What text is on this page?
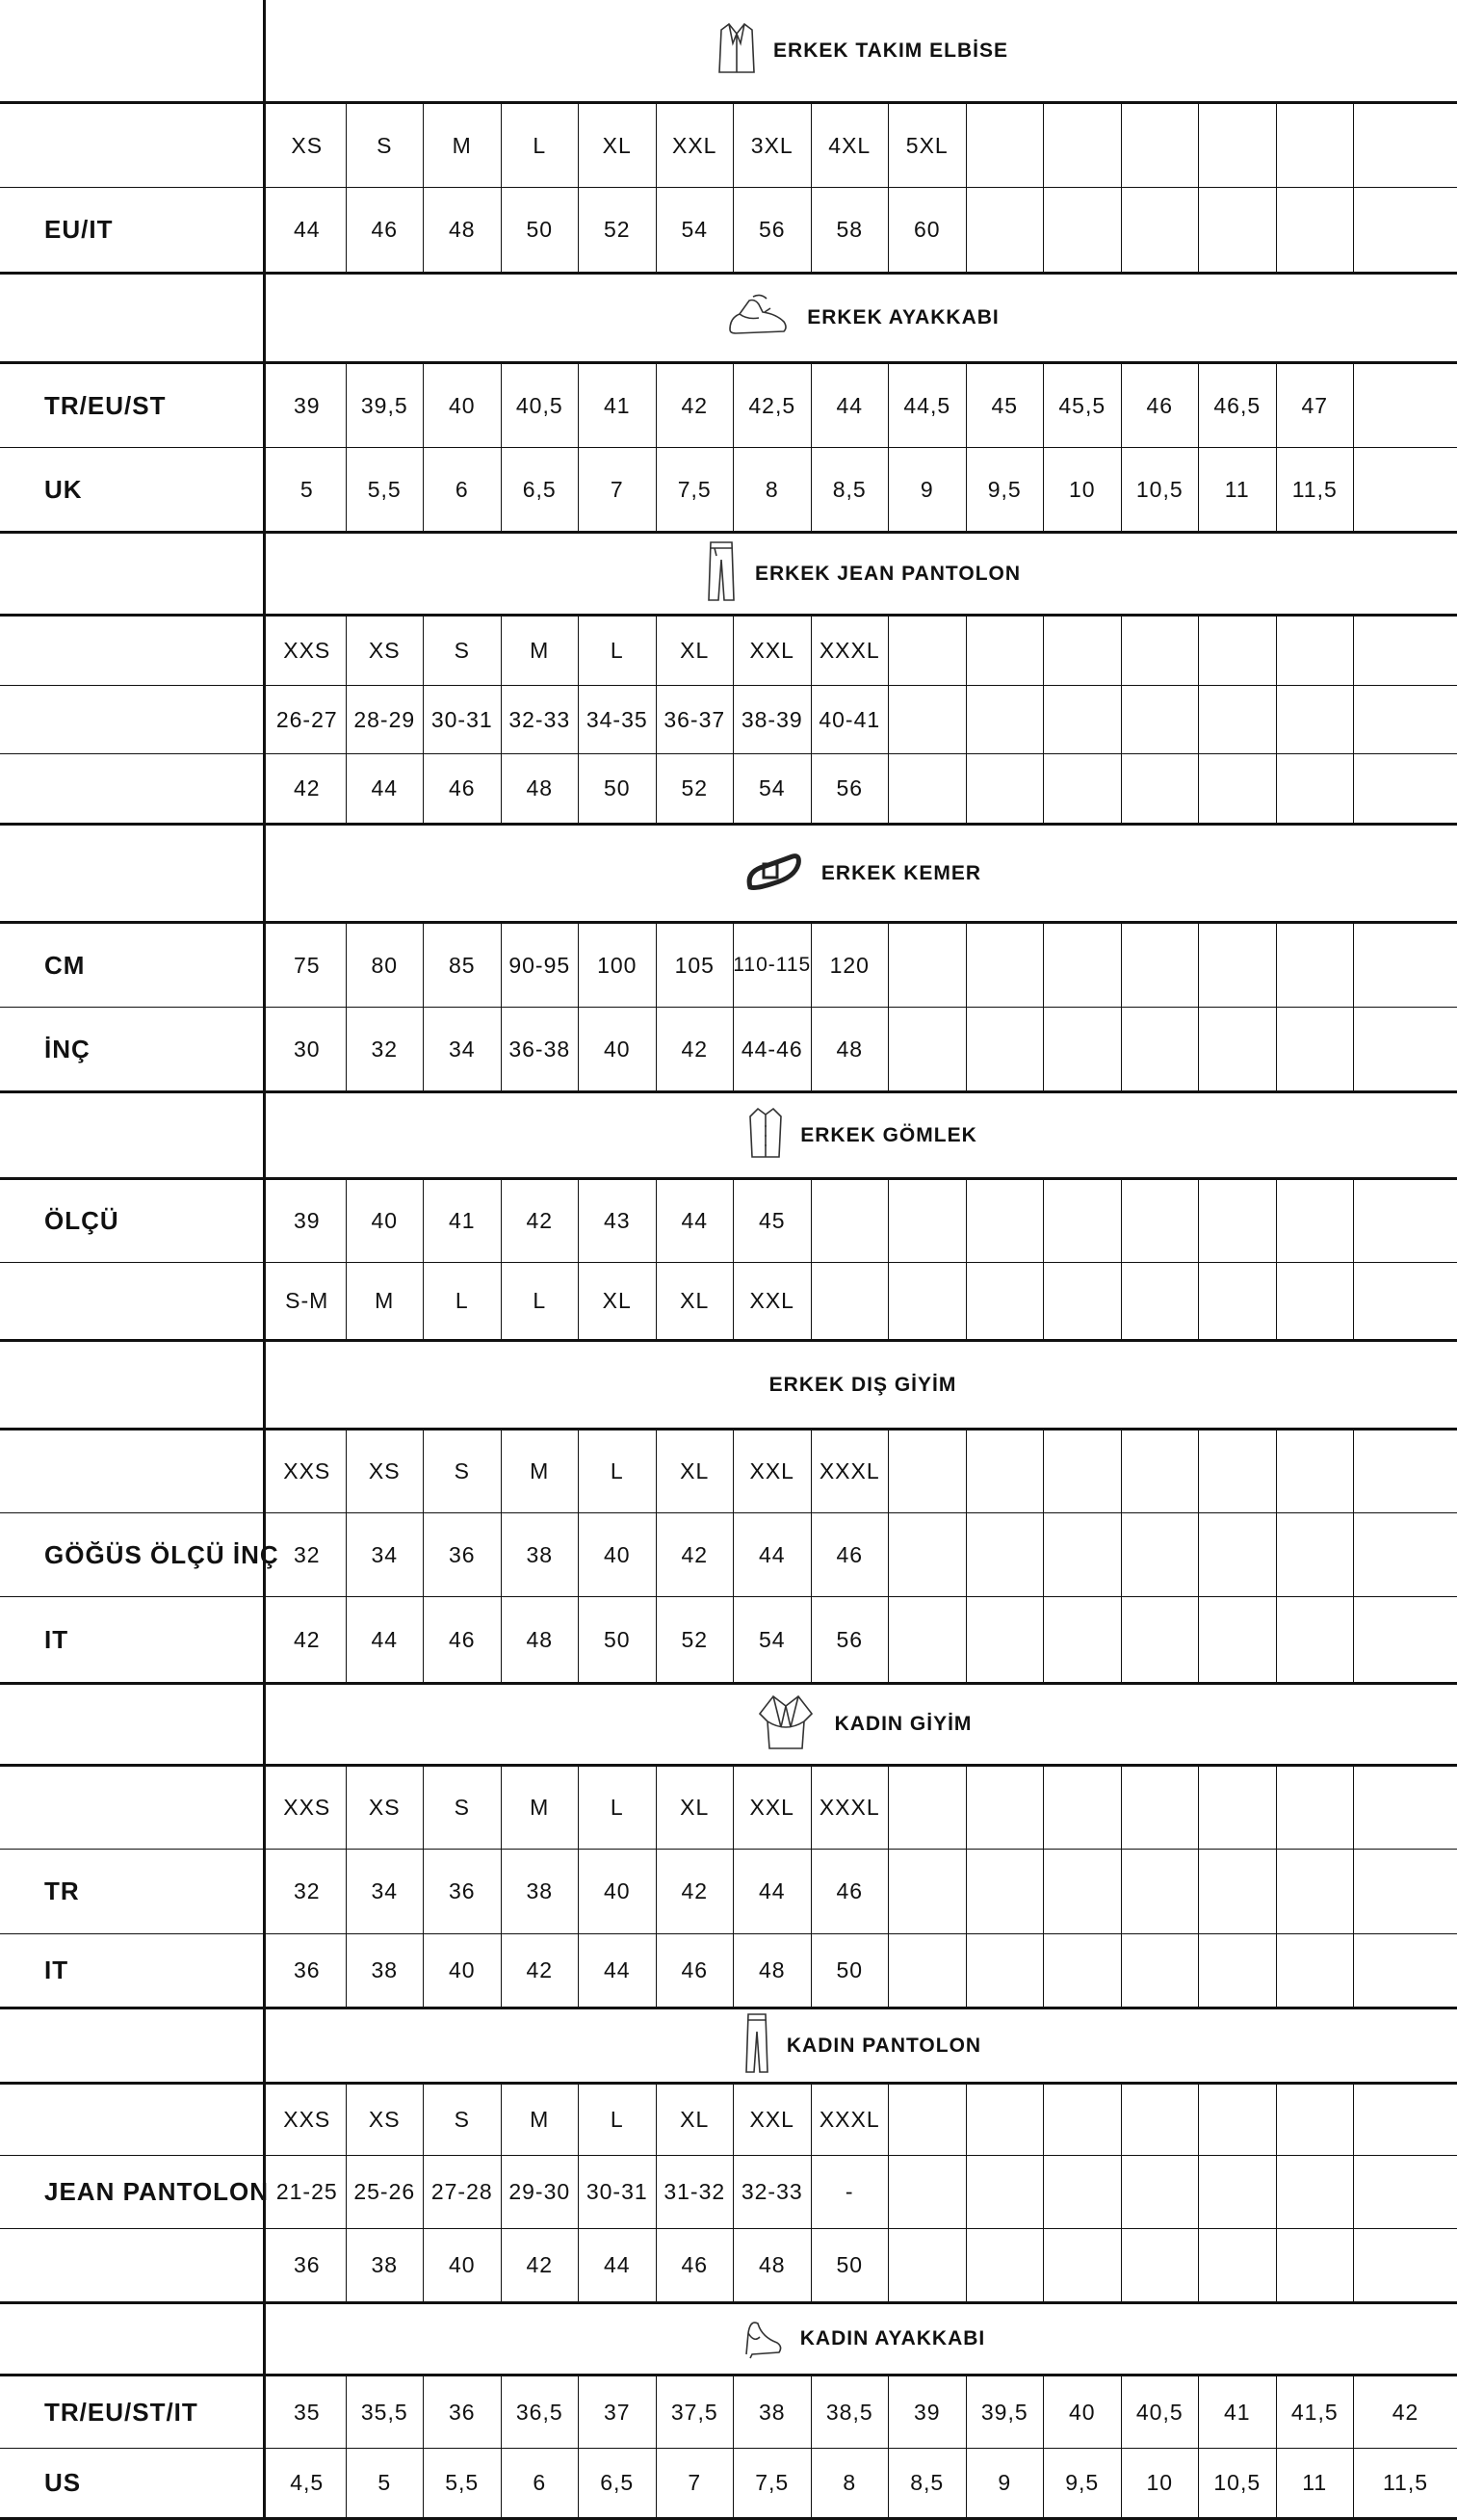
ERKEK TAKIM ELBİSE
XS	S	M	L	XL	XXL	3XL	4XL	5XL
EU/IT	44	46	48	50	52	54	56	58	60
ERKEK AYAKKABI
TR/EU/ST	39	39,5	40	40,5	41	42	42,5	44	44,5	45	45,5	46	46,5	47
UK	5	5,5	6	6,5	7	7,5	8	8,5	9	9,5	10	10,5	11	11,5
ERKEK JEAN PANTOLON
XXS	XS	S	M	L	XL	XXL	XXXL
26-27 28-29 30-31 32-33 34-35 36-37 38-39 40-41
42	44	46	48	50	52	54	56
ERKEK KEMER
CM	75	80	85	90-95	100	105 110-115 120
İNÇ	30	32	34	36-38	40	42	44-46	48
ERKEK GÖMLEK
ÖLÇÜ	39	40	41	42	43	44	45
S-M	M	L	L	XL	XL	XXL
ERKEK DIŞ GİYİM
XXS	XS	S	M	L	XL	XXL	XXXL
GÖĞÜS ÖLÇÜ İNÇ 32	34	36	38	40	42	44	46
IT	42	44	46	48	50	52	54	56
KADIN GİYİM
XXS	XS	S	M	L	XL	XXL	XXXL
TR	32	34	36	38	40	42	44	46
IT	36	38	40	42	44	46	48	50
KADIN PANTOLON
XXS	XS	S	M	L	XL	XXL	XXXL
JEAN PANTOLON 21-25 25-26 27-28 29-30 30-31 31-32 32-33	-
36	38	40	42	44	46	48	50
KADIN AYAKKABI
TR/EU/ST/IT	35	35,5	36	36,5	37	37,5	38	38,5	39	39,5	40	40,5	41	41,5	42
US	4,5	5	5,5	6	6,5	7	7,5	8	8,5	9	9,5	10	10,5	11	11,5
